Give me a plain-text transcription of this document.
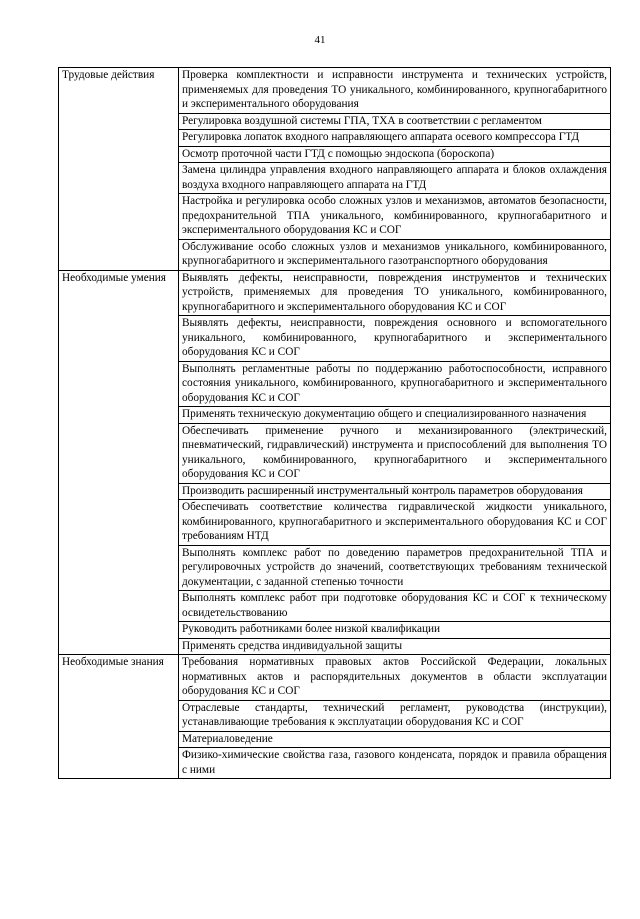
41
Трудовые действия	Проверка комплектности и исправности инструмента и технических устройств, применяемых для проведения ТО уникального, комбинированного, крупногабаритного и экспериментального оборудования
	Регулировка воздушной системы ГПА, ТХА в соответствии с регламентом
	Регулировка лопаток входного направляющего аппарата осевого компрессора ГТД
	Осмотр проточной части ГТД с помощью эндоскопа (бороскопа)
	Замена цилиндра управления входного направляющего аппарата и блоков охлаждения воздуха входного направляющего аппарата на ГТД
	Настройка и регулировка особо сложных узлов и механизмов, автоматов безопасности, предохранительной ТПА уникального, комбинированного, крупногабаритного и экспериментального оборудования КС и СОГ
	Обслуживание особо сложных узлов и механизмов уникального, комбинированного, крупногабаритного и экспериментального газотранспортного оборудования
Необходимые умения	Выявлять дефекты, неисправности, повреждения инструментов и технических устройств, применяемых для проведения ТО уникального, комбинированного, крупногабаритного и экспериментального оборудования КС и СОГ
	Выявлять дефекты, неисправности, повреждения основного и вспомогательного уникального, комбинированного, крупногабаритного и экспериментального оборудования КС и СОГ
	Выполнять регламентные работы по поддержанию работоспособности, исправного состояния уникального, комбинированного, крупногабаритного и экспериментального оборудования КС и СОГ
	Применять техническую документацию общего и специализированного назначения
	Обеспечивать применение ручного и механизированного (электрический, пневматический, гидравлический) инструмента и приспособлений для выполнения ТО уникального, комбинированного, крупногабаритного и экспериментального оборудования КС и СОГ
	Производить расширенный инструментальный контроль параметров оборудования
	Обеспечивать соответствие количества гидравлической жидкости уникального, комбинированного, крупногабаритного и экспериментального оборудования КС и СОГ требованиям НТД
	Выполнять комплекс работ по доведению параметров предохранительной ТПА и регулировочных устройств до значений, соответствующих требованиям технической документации, с заданной степенью точности
	Выполнять комплекс работ при подготовке оборудования КС и СОГ к техническому освидетельствованию
	Руководить работниками более низкой квалификации
	Применять средства индивидуальной защиты
Необходимые знания	Требования нормативных правовых актов Российской Федерации, локальных нормативных актов и распорядительных документов в области эксплуатации оборудования КС и СОГ
	Отраслевые стандарты, технический регламент, руководства (инструкции), устанавливающие требования к эксплуатации оборудования КС и СОГ
	Материаловедение
	Физико-химические свойства газа, газового конденсата, порядок и правила обращения с ними
